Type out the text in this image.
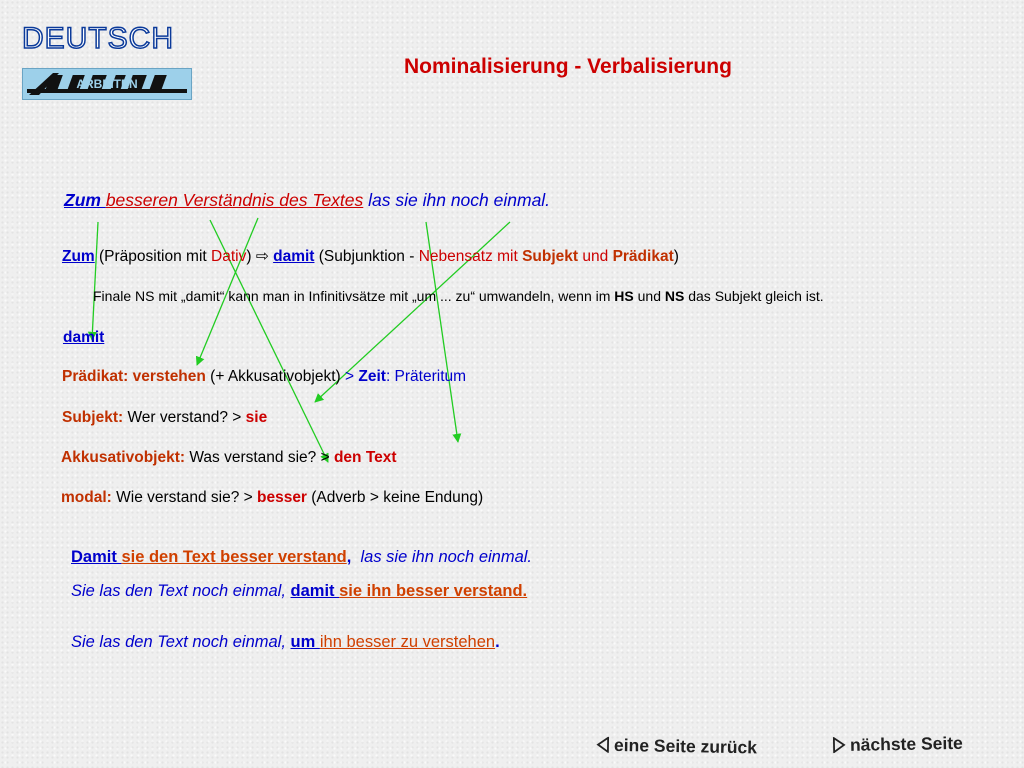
DEUTSCH
ARBEITEN
Nominalisierung - Verbalisierung
Zum besseren Verständnis des Textes las sie ihn noch einmal.
Zum (Präposition mit Dativ) ⇨ damit (Subjunktion - Nebensatz mit Subjekt und Prädikat)
Finale NS mit „damit“ kann man in Infinitivsätze mit „um ... zu“ umwandeln, wenn im HS und NS das Subjekt gleich ist.
damit
Prädikat: verstehen (+ Akkusativobjekt) > Zeit: Präteritum
Subjekt: Wer verstand? > sie
Akkusativobjekt: Was verstand sie? > den Text
modal: Wie verstand sie? > besser (Adverb > keine Endung)
Damit sie den Text besser verstand,  las sie ihn noch einmal.
Sie las den Text noch einmal, damit sie ihn besser verstand.
Sie las den Text noch einmal, um ihn besser zu verstehen.
eine Seite zurück	nächste Seite
